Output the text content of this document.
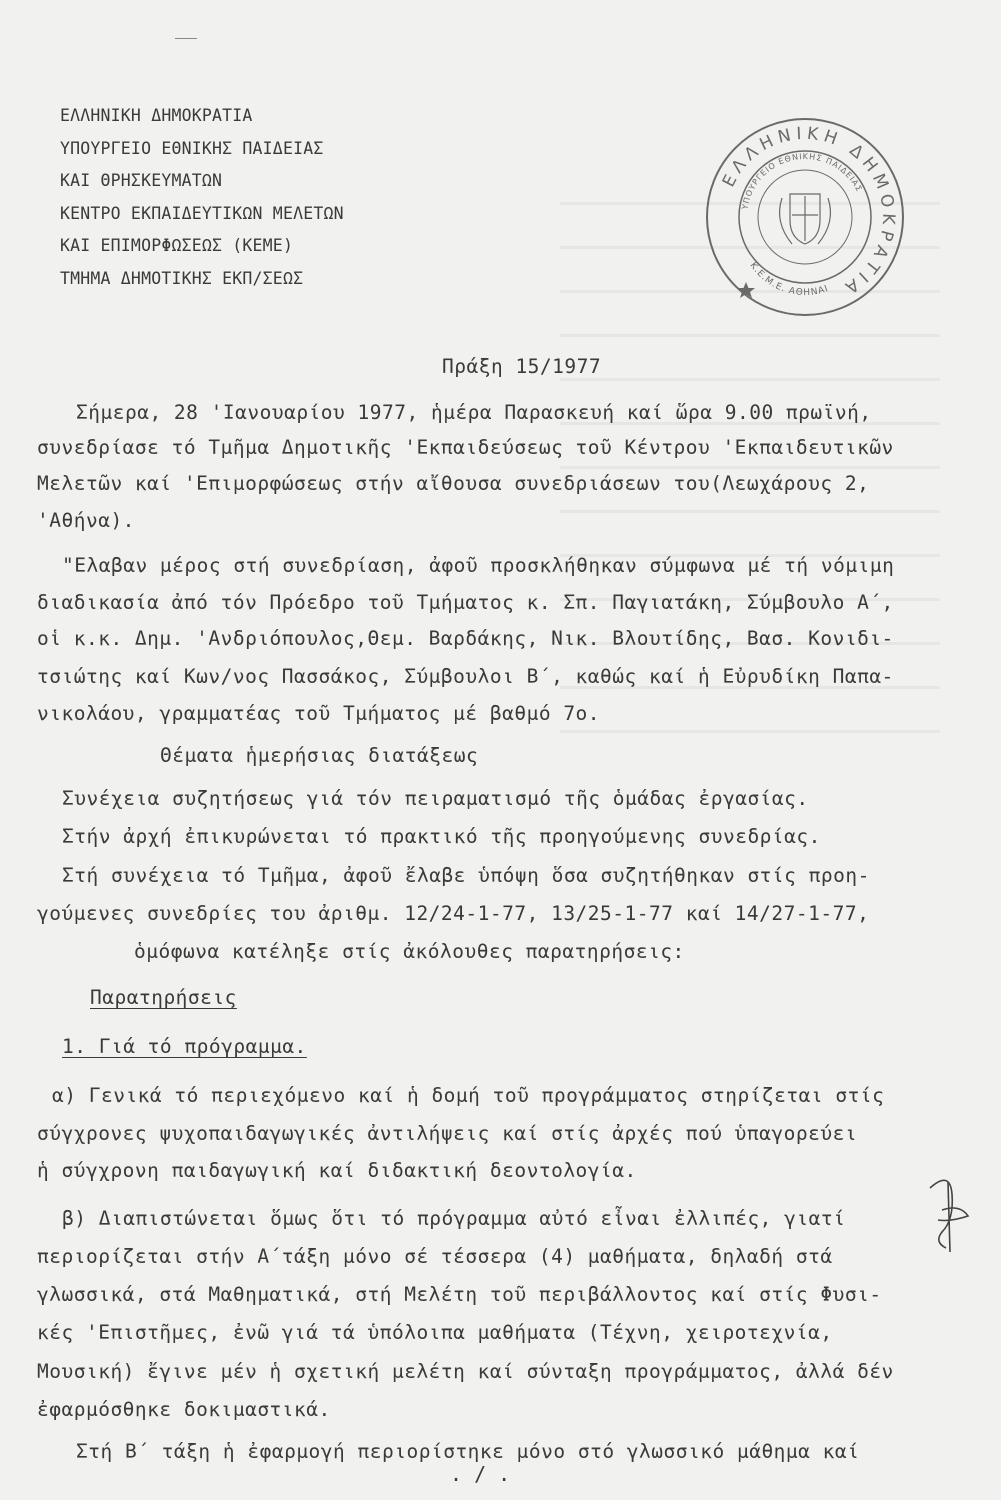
ΕΛΛΗΝΙΚΗ ΔΗΜΟΚΡΑΤΙΑ
ΥΠΟΥΡΓΕΙΟ ΕΘΝΙΚΗΣ ΠΑΙΔΕΙΑΣ
ΚΑΙ ΘΡΗΣΚΕΥΜΑΤΩΝ
ΚΕΝΤΡΟ ΕΚΠΑΙΔΕΥΤΙΚΩΝ ΜΕΛΕΤΩΝ
ΚΑΙ ΕΠΙΜΟΡΦΩΣΕΩΣ (ΚΕΜΕ)
ΤΜΗΜΑ ΔΗΜΟΤΙΚΗΣ ΕΚΠ/ΣΕΩΣ
ΕΛΛΗΝΙΚΗ ΔΗΜΟΚΡΑΤΙΑ
ΥΠΟΥΡΓΕΙΟ ΕΘΝΙΚΗΣ ΠΑΙΔΕΙΑΣ
Κ.Ε.Μ.Ε. ΑΘΗΝΑΙ
Πράξη 15/1977
Σήμερα, 28 'Ιανουαρίου 1977, ἡμέρα Παρασκευή καί ὥρα 9.00 πρωϊνή,
συνεδρίασε τό Τμῆμα Δημοτικῆς 'Εκπαιδεύσεως τοῦ Κέντρου 'Εκπαιδευτικῶν
Μελετῶν καί 'Επιμορφώσεως στήν αἴθουσα συνεδριάσεων του(Λεωχάρους 2,
'Αθήνα).
"Ελαβαν μέρος στή συνεδρίαση, ἀφοῦ προσκλήθηκαν σύμφωνα μέ τή νόμιμη
διαδικασία ἀπό τόν Πρόεδρο τοῦ Τμήματος κ. Σπ. Παγιατάκη, Σύμβουλο Α΄,
οἱ κ.κ. Δημ. 'Ανδριόπουλος,Θεμ. Βαρδάκης, Νικ. Βλουτίδης, Βασ. Κονιδι-
τσιώτης καί Κων/νος Πασσάκος, Σύμβουλοι Β΄, καθώς καί ἡ Εὐρυδίκη Παπα-
νικολάου, γραμματέας τοῦ Τμήματος μέ βαθμό 7ο.
Θέματα ἡμερήσιας διατάξεως
Συνέχεια συζητήσεως γιά τόν πειραματισμό τῆς ὁμάδας ἐργασίας.
Στήν ἀρχή ἐπικυρώνεται τό πρακτικό τῆς προηγούμενης συνεδρίας.
Στή συνέχεια τό Τμῆμα, ἀφοῦ ἔλαβε ὑπόψη ὅσα συζητήθηκαν στίς προη-
γούμενες συνεδρίες του ἀριθμ. 12/24-1-77, 13/25-1-77 καί 14/27-1-77,
ὁμόφωνα κατέληξε στίς ἀκόλουθες παρατηρήσεις:
Παρατηρήσεις
1. Γιά τό πρόγραμμα.
α) Γενικά τό περιεχόμενο καί ἡ δομή τοῦ προγράμματος στηρίζεται στίς
σύγχρονες ψυχοπαιδαγωγικές ἀντιλήψεις καί στίς ἀρχές πού ὑπαγορεύει
ἡ σύγχρονη παιδαγωγική καί διδακτική δεοντολογία.
β) Διαπιστώνεται ὅμως ὅτι τό πρόγραμμα αὐτό εἶναι ἐλλιπές, γιατί
περιορίζεται στήν Α΄τάξη μόνο σέ τέσσερα (4) μαθήματα, δηλαδή στά
γλωσσικά, στά Μαθηματικά, στή Μελέτη τοῦ περιβάλλοντος καί στίς Φυσι-
κές 'Επιστῆμες, ἐνῶ γιά τά ὑπόλοιπα μαθήματα (Τέχνη, χειροτεχνία,
Μουσική) ἔγινε μέν ἡ σχετική μελέτη καί σύνταξη προγράμματος, ἀλλά δέν
ἐφαρμόσθηκε δοκιμαστικά.
Στή Β΄ τάξη ἡ ἐφαρμογή περιορίστηκε μόνο στό γλωσσικό μάθημα καί
. / .
